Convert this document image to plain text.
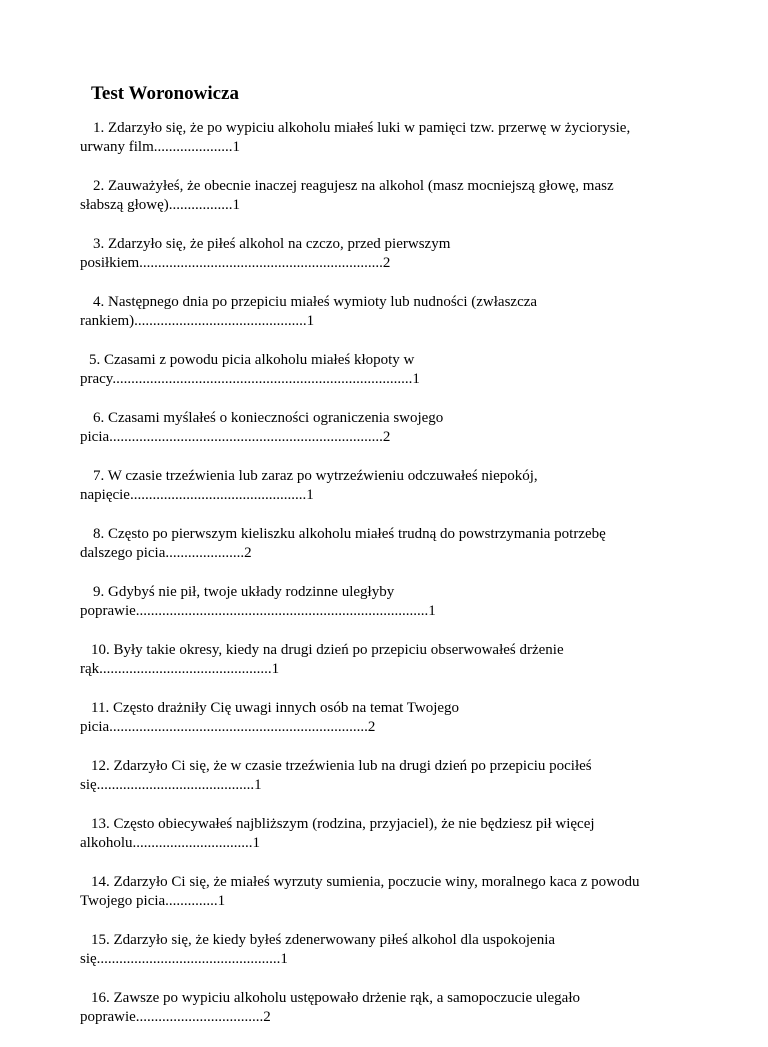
Test Woronowicza
1. Zdarzyło się, że po wypiciu alkoholu miałeś luki w pamięci tzw. przerwę w życiorysie,
urwany film.....................1
2. Zauważyłeś, że obecnie inaczej reagujesz na alkohol (masz mocniejszą głowę, masz
słabszą głowę).................1
3. Zdarzyło się, że piłeś alkohol na czczo, przed pierwszym
posiłkiem.................................................................2
4. Następnego dnia po przepiciu miałeś wymioty lub nudności (zwłaszcza
rankiem)..............................................1
5. Czasami z powodu picia alkoholu miałeś kłopoty w
pracy................................................................................1
6. Czasami myślałeś o konieczności ograniczenia swojego
picia.........................................................................2
7. W czasie trzeźwienia lub zaraz po wytrzeźwieniu odczuwałeś niepokój,
napięcie...............................................1
8. Często po pierwszym kieliszku alkoholu miałeś trudną do powstrzymania potrzebę
dalszego picia.....................2
9. Gdybyś nie pił, twoje układy rodzinne uległyby
poprawie..............................................................................1
10. Były takie okresy, kiedy na drugi dzień po przepiciu obserwowałeś drżenie
rąk..............................................1
11. Często drażniły Cię uwagi innych osób na temat Twojego
picia.....................................................................2
12. Zdarzyło Ci się, że w czasie trzeźwienia lub na drugi dzień po przepiciu pociłeś
się..........................................1
13. Często obiecywałeś najbliższym (rodzina, przyjaciel), że nie będziesz pił więcej
alkoholu................................1
14. Zdarzyło Ci się, że miałeś wyrzuty sumienia, poczucie winy, moralnego kaca z powodu
Twojego picia..............1
15. Zdarzyło się, że kiedy byłeś zdenerwowany piłeś alkohol dla uspokojenia
się.................................................1
16. Zawsze po wypiciu alkoholu ustępowało drżenie rąk, a samopoczucie ulegało
poprawie..................................2
